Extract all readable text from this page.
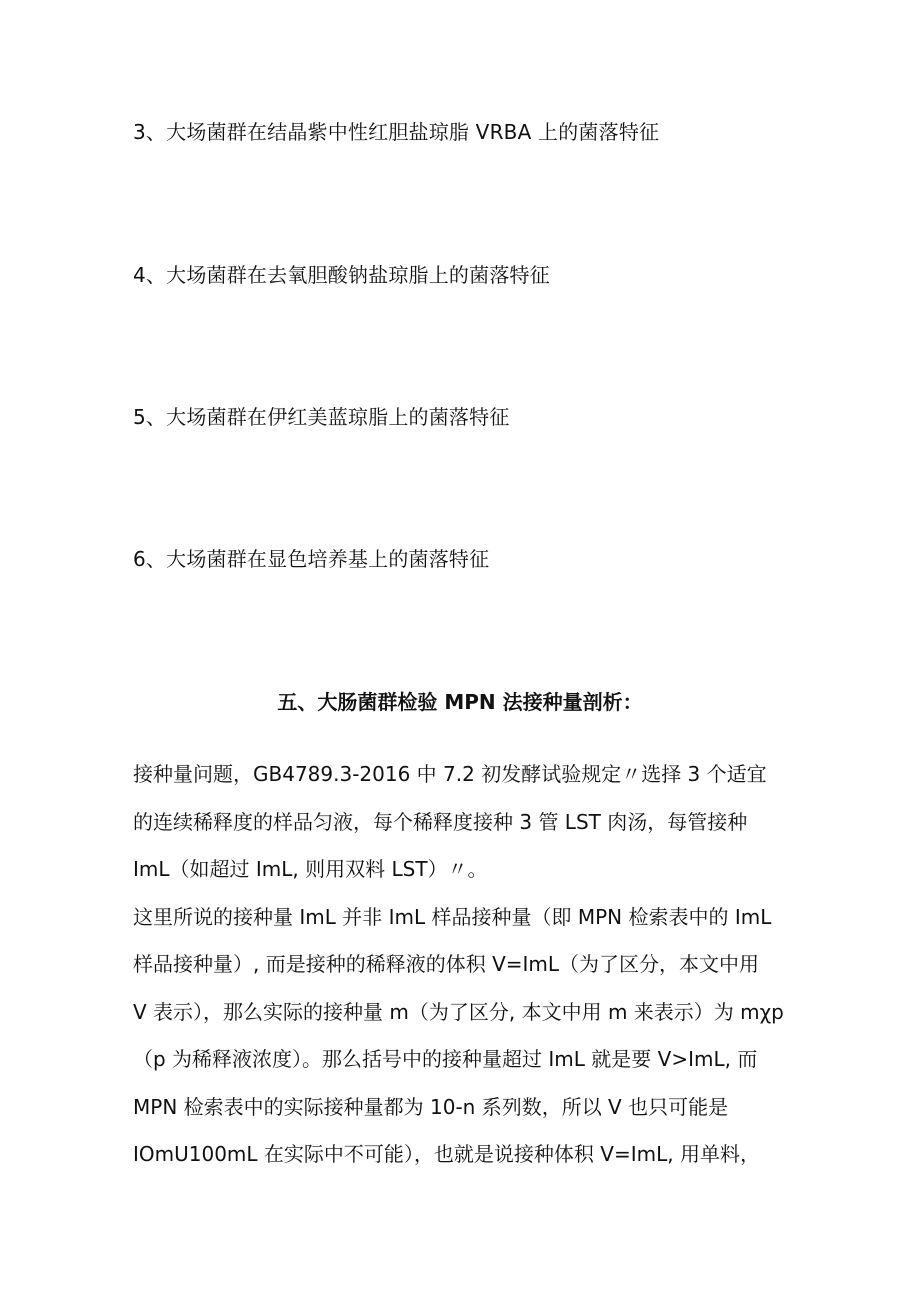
3、大场菌群在结晶紫中性红胆盐琼脂 VRBA 上的菌落特征
4、大场菌群在去氧胆酸钠盐琼脂上的菌落特征
5、大场菌群在伊红美蓝琼脂上的菌落特征
6、大场菌群在显色培养基上的菌落特征
五、大肠菌群检验 MPN 法接种量剖析：
接种量问题，GB4789.3-2016 中 7.2 初发酵试验规定〃选择 3 个适宜
的连续稀释度的样品匀液，每个稀释度接种 3 管 LST 肉汤，每管接种
ImL（如超过 ImL, 则用双料 LST）〃。
这里所说的接种量 ImL 并非 ImL 样品接种量（即 MPN 检索表中的 ImL
样品接种量）, 而是接种的稀释液的体积 V=ImL（为了区分，本文中用
V 表示），那么实际的接种量 m（为了区分, 本文中用 m 来表示）为 mχp
（p 为稀释液浓度）。那么括号中的接种量超过 ImL 就是要 V>ImL, 而
MPN 检索表中的实际接种量都为 10-n 系列数，所以 V 也只可能是
IOmU100mL 在实际中不可能），也就是说接种体积 V=ImL, 用单料，
